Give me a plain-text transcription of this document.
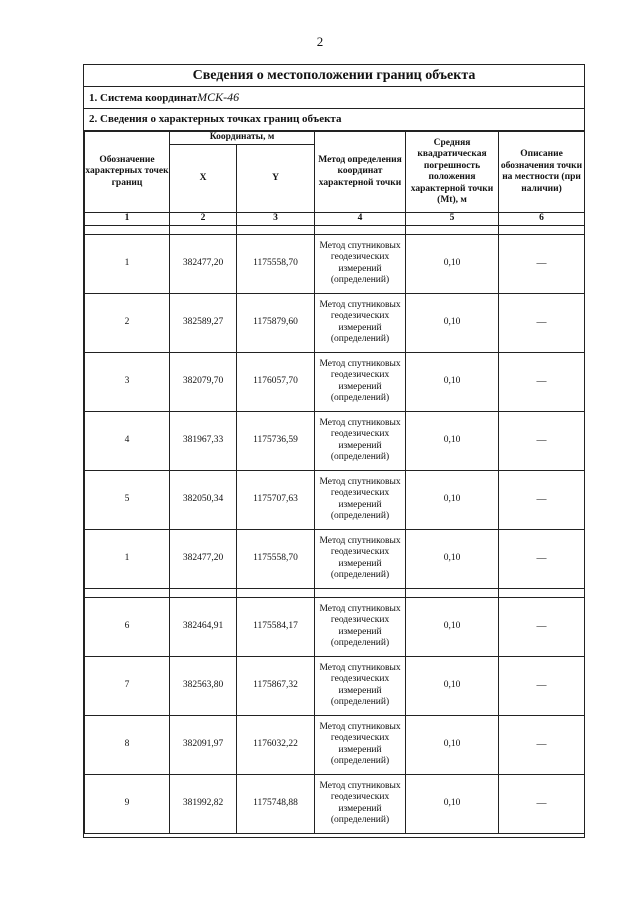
2
Сведения о местоположении границ объекта
1. Система координатМСК-46
2. Сведения о характерных точках границ объекта
Обозначение характерных точек границ	Координаты, м		Метод определения координат характерной точки	Средняя квадратическая погрешность положения характерной точки (Mt), м	Описание обозначения точки на местности (при наличии)
	X	Y			
1	2	3	4	5	6

1	382477,20	1175558,70	Метод спутниковых геодезических измерений (определений)	0,10	—
2	382589,27	1175879,60	Метод спутниковых геодезических измерений (определений)	0,10	—
3	382079,70	1176057,70	Метод спутниковых геодезических измерений (определений)	0,10	—
4	381967,33	1175736,59	Метод спутниковых геодезических измерений (определений)	0,10	—
5	382050,34	1175707,63	Метод спутниковых геодезических измерений (определений)	0,10	—
1	382477,20	1175558,70	Метод спутниковых геодезических измерений (определений)	0,10	—

6	382464,91	1175584,17	Метод спутниковых геодезических измерений (определений)	0,10	—
7	382563,80	1175867,32	Метод спутниковых геодезических измерений (определений)	0,10	—
8	382091,97	1176032,22	Метод спутниковых геодезических измерений (определений)	0,10	—
9	381992,82	1175748,88	Метод спутниковых геодезических измерений (определений)	0,10	—
